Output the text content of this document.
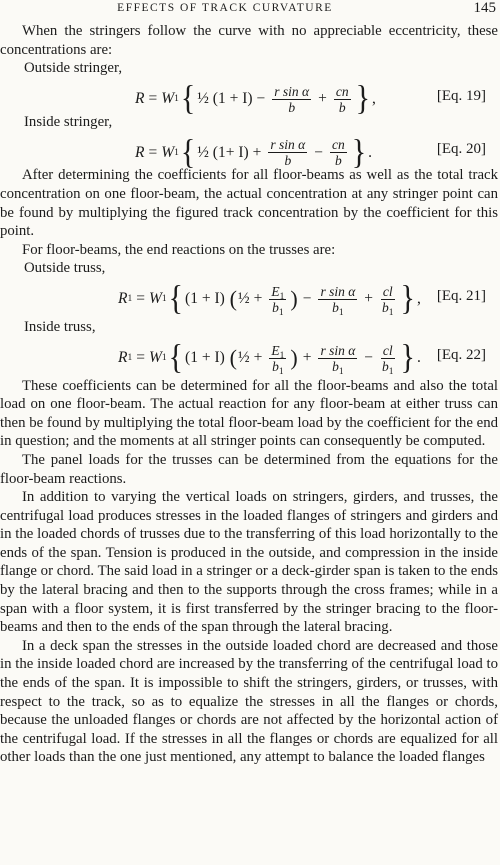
EFFECTS OF TRACK CURVATURE	145

When the stringers follow the curve with no appreciable eccentricity, these concentrations are:

Outside stringer,
R = W 1 { ½
$(1 + I) - \frac{\text{r sin α}}{b} + \frac{cn}{b}$ } ,	[Eq. 19]
Inside stringer,
R = W 1 { ½
$(1+ I) + \frac{\text{r sin α}}{b} - \frac{cn}{b}$ } .	[Eq. 20]

After determining the coefficients for all floor-beams as well as the total track concentration on one floor-beam, the actual concentration at any stringer point can be found by multiplying the figured track concentration by the coefficient for this point.

For floor-beams, the end reactions on the trusses are:

Outside truss,
R 1 = W 1 { (1 + I)
( ½ + $\frac{E_1}{b_1}$ ) − $\frac{\text{r sin α}}{b_1} + \frac{cl}{b_1}$ } , [Eq. 21]
Inside truss,
R 1 = W 1 { (1 + I)
( ½ + $\frac{E_1}{b_1}$ ) + $\frac{\text{r sin α}}{b_1} - \frac{cl}{b_1}$ } . [Eq. 22]

These coefficients can be determined for all the floor-beams and also the total load on one floor-beam. The actual reaction for any floor-beam at either truss can then be found by multiplying the total floor-beam load by the coefficient for the end in question; and the moments at all stringer points can consequently be computed.

The panel loads for the trusses can be determined from the equations for the floor-beam reactions.

In addition to varying the vertical loads on stringers, girders, and trusses, the centrifugal load produces stresses in the loaded flanges of stringers and girders and in the loaded chords of trusses due to the transferring of this load horizontally to the ends of the span. Tension is produced in the outside, and compression in the inside flange or chord. The said load in a stringer or a deck-girder span is taken to the ends by the lateral bracing and then to the supports through the cross frames; while in a span with a floor system, it is first transferred by the stringer bracing to the floor-beams and then to the ends of the span through the lateral bracing.

In a deck span the stresses in the outside loaded chord are decreased and those in the inside loaded chord are increased by the transferring of the centrifugal load to the ends of the span. It is impossible to shift the stringers, girders, or trusses, with respect to the track, so as to equalize the stresses in all the flanges or chords, because the unloaded flanges or chords are not affected by the horizontal action of the centrifugal load. If the stresses in all the flanges or chords are equalized for all other loads than the one just mentioned, any attempt to balance the loaded flanges
